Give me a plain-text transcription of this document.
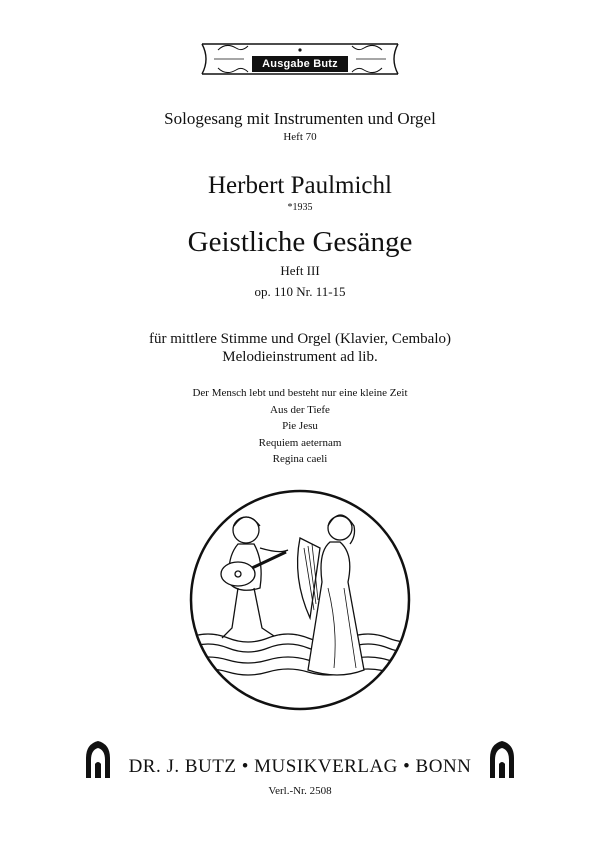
Ausgabe Butz
Sologesang mit Instrumenten und Orgel
Heft 70
Herbert Paulmichl
*1935
Geistliche Gesänge
Heft III
op. 110 Nr. 11-15
für mittlere Stimme und Orgel (Klavier, Cembalo)
Melodieinstrument ad lib.
Der Mensch lebt und besteht nur eine kleine Zeit
Aus der Tiefe
Pie Jesu
Requiem aeternam
Regina caeli
DR. J. BUTZ • MUSIKVERLAG • BONN
Verl.-Nr. 2508
